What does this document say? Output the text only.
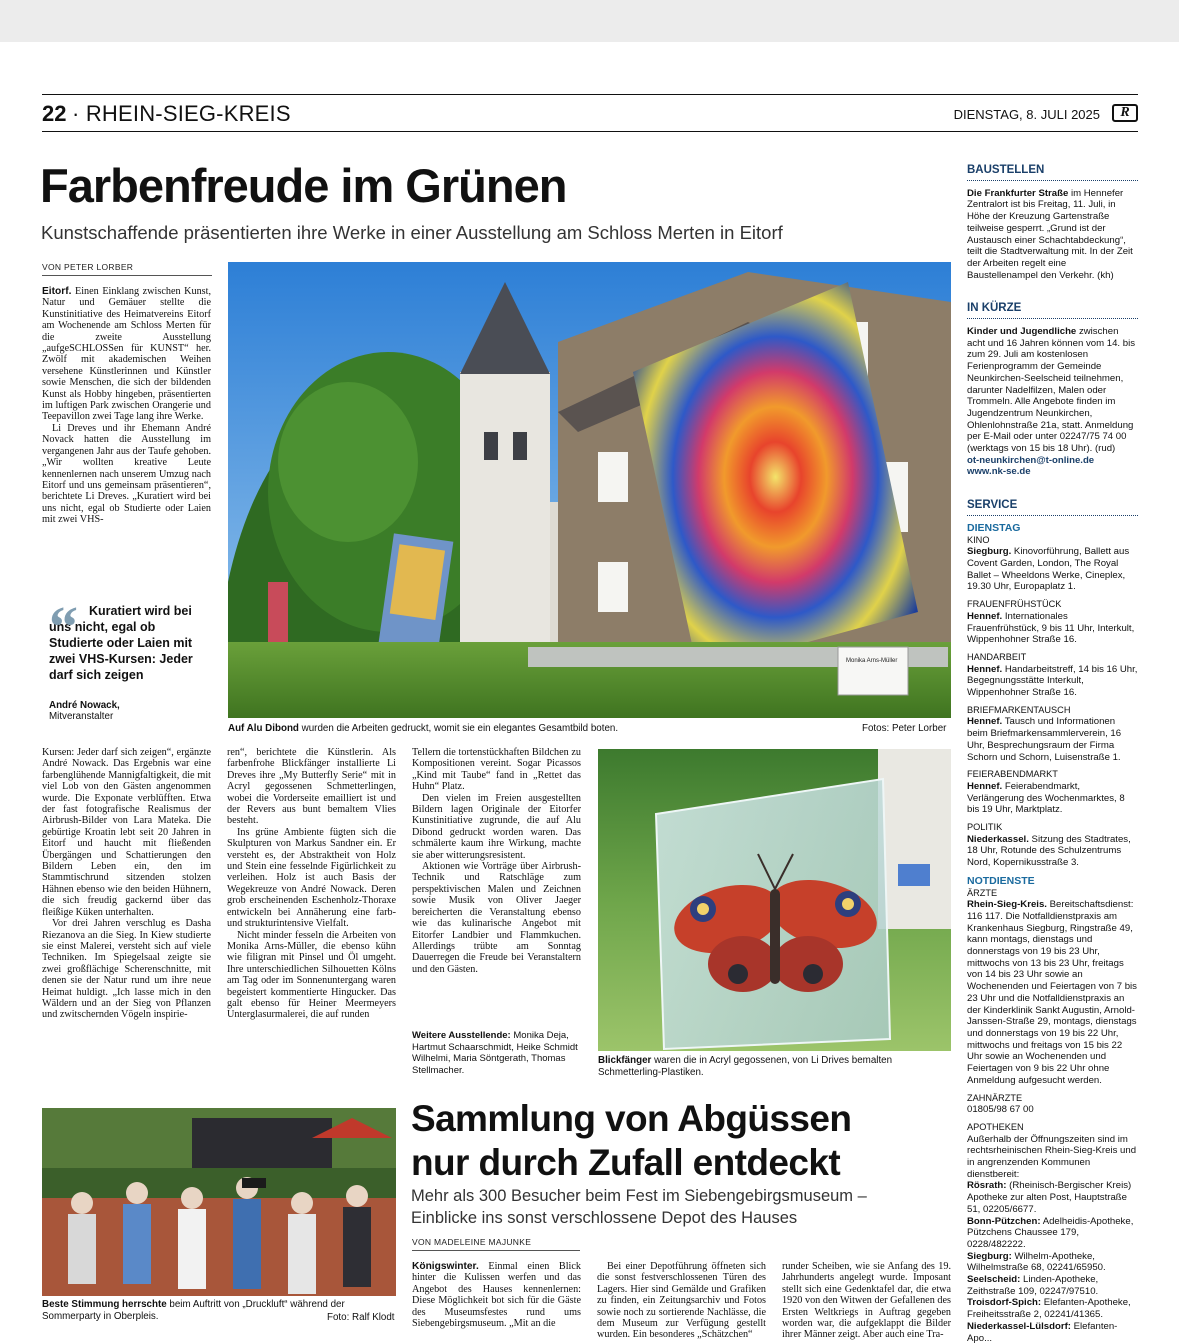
22 · RHEIN-SIEG-KREIS	DIENSTAG, 8. JULI 2025	R
Farbenfreude im Grünen
Kunstschaffende präsentierten ihre Werke in einer Ausstellung am Schloss Merten in Eitorf
VON PETER LORBER

Eitorf. Einen Einklang zwischen Kunst, Natur und Gemäuer stellte die Kunstinitiative des Heimatvereins Eitorf am Wochenende am Schloss Merten für die zweite Ausstellung „aufgeSCHLOSSen für KUNST“ her. Zwölf mit akademischen Weihen versehene Künstlerinnen und Künstler sowie Menschen, die sich der bildenden Kunst als Hobby hingeben, präsentierten im luftigen Park zwischen Orangerie und Teepavillon zwei Tage lang ihre Werke.

Li Dreves und ihr Ehemann André Novack hatten die Ausstellung im vergangenen Jahr aus der Taufe gehoben. „Wir wollten kreative Leute kennenlernen nach unserem Umzug nach Eitorf und uns gemeinsam präsentieren“, berichtete Li Dreves. „Kuratiert wird bei uns nicht, egal ob Studierte oder Laien mit zwei VHS-

“ Kuratiert wird bei uns nicht, egal ob Studierte oder Laien mit zwei VHS-Kursen: Jeder darf sich zeigen
André Nowack,
Mitveranstalter
Monika Arns-Müller
Auf Alu Dibond wurden die Arbeiten gedruckt, womit sie ein elegantes Gesamtbild boten.	Fotos: Peter Lorber

Kursen: Jeder darf sich zeigen“, ergänzte André Nowack. Das Ergebnis war eine farbenglühende Mannigfaltigkeit, die mit viel Lob von den Gästen angenommen wurde. Die Exponate verblüfften. Etwa der fast fotografische Realismus der Airbrush-Bilder von Lara Mateka. Die gebürtige Kroatin lebt seit 20 Jahren in Eitorf und haucht mit fließenden Übergängen und Schattierungen den Bildern Leben ein, den im Stammtischrund sitzenden stolzen Hähnen ebenso wie den beiden Hühnern, die sich freudig gackernd über das fleißige Küken unterhalten.

Vor drei Jahren verschlug es Dasha Riezanova an die Sieg. In Kiew studierte sie einst Malerei, versteht sich auf viele Techniken. Im Spiegelsaal zeigte sie zwei großflächige Scherenschnitte, mit denen sie der Natur rund um ihre neue Heimat huldigt. „Ich lasse mich in den Wäldern und an der Sieg von Pflanzen und zwitschernden Vögeln inspirie-

ren“, berichtete die Künstlerin. Als farbenfrohe Blickfänger installierte Li Dreves ihre „My Butterfly Serie“ mit in Acryl gegossenen Schmetterlingen, wobei die Vorderseite emailliert ist und der Revers aus bunt bemaltem Vlies besteht.

Ins grüne Ambiente fügten sich die Skulpturen von Markus Sandner ein. Er versteht es, der Abstraktheit von Holz und Stein eine fesselnde Figürlichkeit zu verleihen. Holz ist auch Basis der Wegekreuze von André Nowack. Deren grob erscheinenden Eschenholz-Thoraxe entwickeln bei Annäherung eine farb- und strukturintensive Vielfalt.

Nicht minder fesseln die Arbeiten von Monika Arns-Müller, die ebenso kühn wie filigran mit Pinsel und Öl umgeht. Ihre unterschiedlichen Silhouetten Kölns am Tag oder im Sonnenuntergang waren begeistert kommentierte Hingucker. Das galt ebenso für Heiner Meermeyers Unterglasurmalerei, die auf runden

Tellern die tortenstückhaften Bildchen zu Kompositionen vereint. Sogar Picassos „Kind mit Taube“ fand in „Rettet das Huhn“ Platz.

Den vielen im Freien ausgestellten Bildern lagen Originale der Eitorfer Kunstinitiative zugrunde, die auf Alu Dibond gedruckt worden waren. Das schmälerte kaum ihre Wirkung, machte sie aber witterungsresistent.

Aktionen wie Vorträge über Airbrush-Technik und Ratschläge zum perspektivischen Malen und Zeichnen sowie Musik von Oliver Jaeger bereicherten die Veranstaltung ebenso wie das kulinarische Angebot mit Eitorfer Landbier und Flammkuchen. Allerdings trübte am Sonntag Dauerregen die Freude bei Veranstaltern und den Gästen.

Weitere Ausstellende: Monika Deja, Hartmut Schaarschmidt, Heike Schmidt Wilhelmi, Maria Söntgerath, Thomas Stellmacher.
Blickfänger waren die in Acryl gegossenen, von Li Drives bemalten Schmetterling-Plastiken.
Beste Stimmung herrschte beim Auftritt von „Druckluft“ während der Sommerparty in Oberpleis.	Foto: Ralf Klodt
Sammlung von Abgüssen
nur durch Zufall entdeckt
Mehr als 300 Besucher beim Fest im Siebengebirgsmuseum –
Einblicke ins sonst verschlossene Depot des Hauses
VON MADELEINE MAJUNKE

Königswinter. Einmal einen Blick hinter die Kulissen werfen und das Angebot des Hauses kennenlernen: Diese Möglichkeit bot sich für die Gäste des Museumsfestes rund ums Siebengebirgsmuseum. „Mit an die

Bei einer Depotführung öffneten sich die sonst festverschlossenen Türen des Lagers. Hier sind Gemälde und Grafiken zu finden, ein Zeitungsarchiv und Fotos sowie noch zu sortierende Nachlässe, die dem Museum zur Verfügung gestellt wurden. Ein besonderes „Schätzchen“

runder Scheiben, wie sie Anfang des 19. Jahrhunderts angelegt wurde. Imposant stellt sich eine Gedenktafel dar, die etwa 1920 von den Witwen der Gefallenen des Ersten Weltkriegs in Auftrag gegeben worden war, die aufgeklappt die Bilder ihrer Männer zeigt. Aber auch eine Tra-

BAUSTELLEN
Die Frankfurter Straße im Hennefer Zentralort ist bis Freitag, 11. Juli, in Höhe der Kreuzung Gartenstraße teilweise gesperrt. „Grund ist der Austausch einer Schachtabdeckung“, teilt die Stadtverwaltung mit. In der Zeit der Arbeiten regelt eine Baustellenampel den Verkehr. (kh)
IN KÜRZE
Kinder und Jugendliche zwischen acht und 16 Jahren können vom 14. bis zum 29. Juli am kostenlosen Ferienprogramm der Gemeinde Neunkirchen-Seelscheid teilnehmen, darunter Nadelfilzen, Malen oder Trommeln. Alle Angebote finden im Jugendzentrum Neunkirchen, Ohlenlohnstraße 21a, statt. Anmeldung per E-Mail oder unter 02247/75 74 00 (werktags von 15 bis 18 Uhr). (rud)
ot-neunkirchen@t-online.de
www.nk-se.de
SERVICE
DIENSTAG
KINO
Siegburg. Kinovorführung, Ballett aus Covent Garden, London, The Royal Ballet – Wheeldons Werke, Cineplex, 19.30 Uhr, Europaplatz 1.
FRAUENFRÜHSTÜCK
Hennef. Internationales Frauenfrühstück, 9 bis 11 Uhr, Interkult, Wippenhohner Straße 16.
HANDARBEIT
Hennef. Handarbeitstreff, 14 bis 16 Uhr, Begegnungsstätte Interkult, Wippenhohner Straße 16.
BRIEFMARKENTAUSCH
Hennef. Tausch und Informationen beim Briefmarkensammlerverein, 16 Uhr, Besprechungsraum der Firma Schorn und Schorn, Luisenstraße 1.
FEIERABENDMARKT
Hennef. Feierabendmarkt, Verlängerung des Wochenmarktes, 8 bis 19 Uhr, Marktplatz.
POLITIK
Niederkassel. Sitzung des Stadtrates, 18 Uhr, Rotunde des Schulzentrums Nord, Kopernikusstraße 3.
NOTDIENSTE
ÄRZTE
Rhein-Sieg-Kreis. Bereitschaftsdienst: 116 117. Die Notfalldienstpraxis am Krankenhaus Siegburg, Ringstraße 49, kann montags, dienstags und donnerstags von 19 bis 23 Uhr, mittwochs von 13 bis 23 Uhr, freitags von 14 bis 23 Uhr sowie an Wochenenden und Feiertagen von 7 bis 23 Uhr und die Notfalldienstpraxis an der Kinderklinik Sankt Augustin, Arnold-Janssen-Straße 29, montags, dienstags und donnerstags von 19 bis 22 Uhr, mittwochs und freitags von 15 bis 22 Uhr sowie an Wochenenden und Feiertagen von 9 bis 22 Uhr ohne Anmeldung aufgesucht werden.
ZAHNÄRZTE
01805/98 67 00
APOTHEKEN
Außerhalb der Öffnungszeiten sind im rechtsrheinischen Rhein-Sieg-Kreis und in angrenzenden Kommunen dienstbereit:
Rösrath: (Rheinisch-Bergischer Kreis) Apotheke zur alten Post, Hauptstraße 51, 02205/6677.
Bonn-Pützchen: Adelheidis-Apotheke, Pützchens Chaussee 179, 0228/482222.
Siegburg: Wilhelm-Apotheke, Wilhelmstraße 68, 02241/65950.
Seelscheid: Linden-Apotheke, Zeithstraße 109, 02247/97510.
Troisdorf-Spich: Elefanten-Apotheke, Freiheitsstraße 2, 02241/41365.
Niederkassel-Lülsdorf: Elefanten-Apo...
